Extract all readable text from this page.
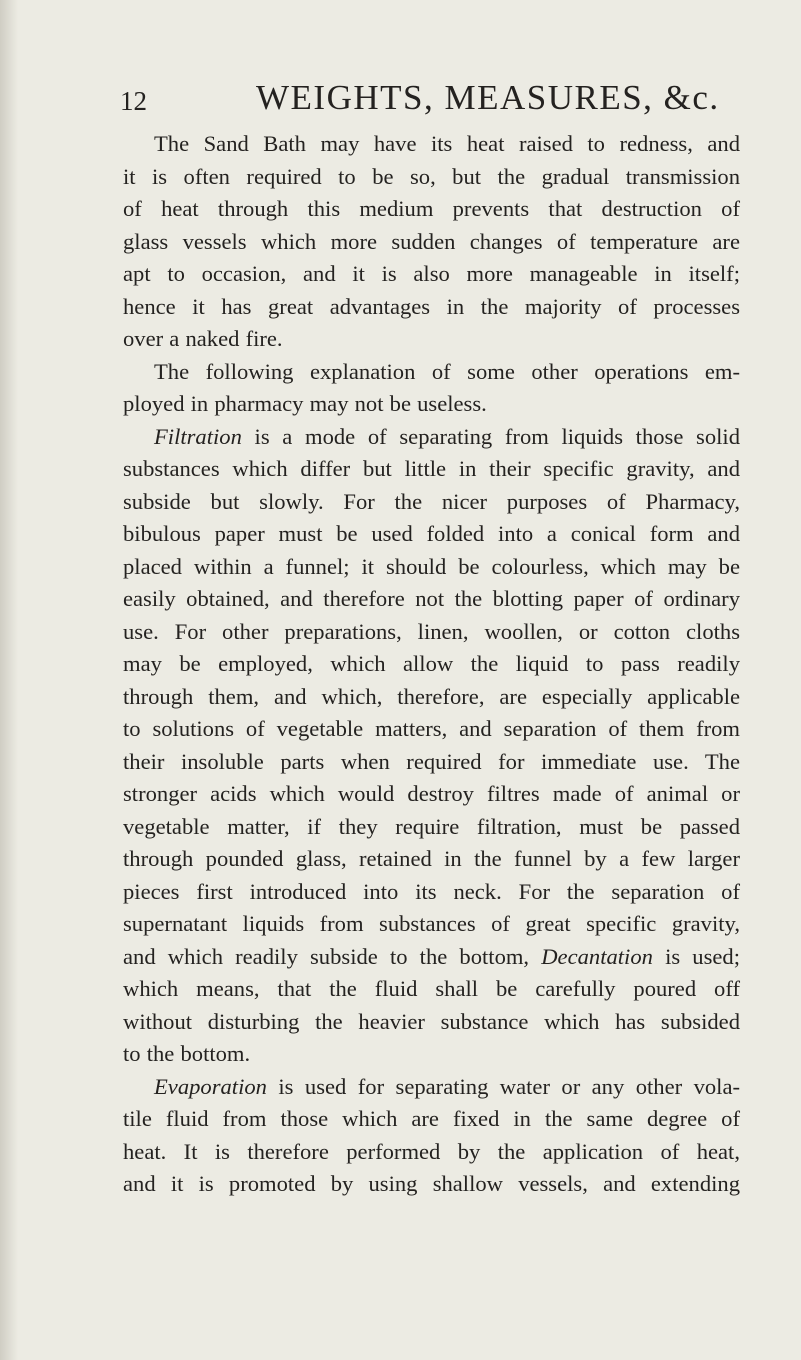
12	WEIGHTS, MEASURES, &c.
The Sand Bath may have its heat raised to redness, and
it is often required to be so, but the gradual transmission
of heat through this medium prevents that destruction of
glass vessels which more sudden changes of temperature are
apt to occasion, and it is also more manageable in itself;
hence it has great advantages in the majority of processes
over a naked fire.
The following explanation of some other operations em-
ployed in pharmacy may not be useless.
Filtration is a mode of separating from liquids those solid
substances which differ but little in their specific gravity, and
subside but slowly. For the nicer purposes of Pharmacy,
bibulous paper must be used folded into a conical form and
placed within a funnel; it should be colourless, which may be
easily obtained, and therefore not the blotting paper of ordinary
use. For other preparations, linen, woollen, or cotton cloths
may be employed, which allow the liquid to pass readily
through them, and which, therefore, are especially applicable
to solutions of vegetable matters, and separation of them from
their insoluble parts when required for immediate use. The
stronger acids which would destroy filtres made of animal or
vegetable matter, if they require filtration, must be passed
through pounded glass, retained in the funnel by a few larger
pieces first introduced into its neck. For the separation of
supernatant liquids from substances of great specific gravity,
and which readily subside to the bottom, Decantation is used;
which means, that the fluid shall be carefully poured off
without disturbing the heavier substance which has subsided
to the bottom.
Evaporation is used for separating water or any other vola-
tile fluid from those which are fixed in the same degree of
heat. It is therefore performed by the application of heat,
and it is promoted by using shallow vessels, and extending
